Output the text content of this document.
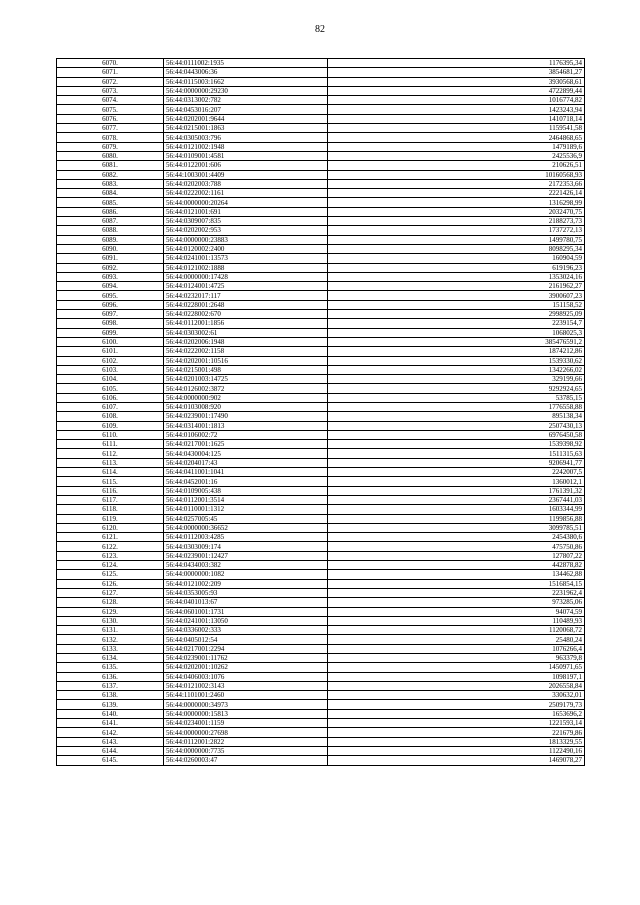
82
6070.	56:44:0111002:1935	1176395,34
6071.	56:44:0443006:36	3854681,27
6072.	56:44:0115003:1662	3930568,61
6073.	56:44:0000000:29230	4722899,44
6074.	56:44:0313002:782	1016774,82
6075.	56:44:0453016:207	1423243,94
6076.	56:44:0202001:9644	1410718,14
6077.	56:44:0215001:1863	1159541,58
6078.	56:44:0305003:796	2464868,65
6079.	56:44:0121002:1948	1479189,6
6080.	56:44:0109001:4581	2425536,9
6081.	56:44:0122001:606	210626,51
6082.	56:44:1003001:4409	10160568,93
6083.	56:44:0202003:788	2172353,66
6084.	56:44:0222002:1161	2221426,14
6085.	56:44:0000000:20264	1316298,99
6086.	56:44:0121001:691	2032470,75
6087.	56:44:0309007:835	2188273,73
6088.	56:44:0202002:953	1737272,13
6089.	56:44:0000000:23883	1499780,75
6090.	56:44:0120002:2400	8098295,34
6091.	56:44:0241001:13573	160904,59
6092.	56:44:0121002:1888	619196,23
6093.	56:44:0000000:17428	1353024,16
6094.	56:44:0124001:4725	2161962,27
6095.	56:44:0232017:117	3900607,23
6096.	56:44:0228001:2648	151158,52
6097.	56:44:0228002:670	2998925,09
6098.	56:44:0112001:1856	2239154,7
6099.	56:44:0303002:61	1068025,3
6100.	56:44:0202006:1948	385476591,2
6101.	56:44:0222002:1158	1874212,86
6102.	56:44:0202001:10516	1539330,62
6103.	56:44:0215001:498	1342266,02
6104.	56:44:0201003:14725	329199,66
6105.	56:44:0126002:3872	9292924,65
6106.	56:44:0000000:902	53785,15
6107.	56:44:0103008:920	1776558,88
6108.	56:44:0239001:17490	895138,34
6109.	56:44:0314001:1813	2507430,13
6110.	56:44:0106002:72	6976450,58
6111.	56:44:0217001:1625	1539398,92
6112.	56:44:0430004:125	1511315,63
6113.	56:44:0204017:43	9206941,77
6114.	56:44:0411001:1041	2242007,5
6115.	56:44:0452001:16	1360012,1
6116.	56:44:0109005:438	1761391,32
6117.	56:44:0112001:3514	2367441,03
6118.	56:44:0110001:1312	1603344,99
6119.	56:44:0257005:45	1199856,88
6120.	56:44:0000000:36652	3099785,51
6121.	56:44:0112003:4285	2454380,6
6122.	56:44:0303009:174	475750,86
6123.	56:44:0239001:12427	127807,22
6124.	56:44:0434003:382	442878,82
6125.	56:44:0000000:1082	134462,88
6126.	56:44:0121002:209	1516854,15
6127.	56:44:0353005:93	2231962,4
6128.	56:44:0401013:67	973285,06
6129.	56:44:0601001:1731	94074,59
6130.	56:44:0241001:13050	110489,93
6131.	56:44:0336002:333	1120068,72
6132.	56:44:0405012:54	25480,24
6133.	56:44:0217001:2294	1076266,4
6134.	56:44:0239001:11762	963379,8
6135.	56:44:0202001:10262	1450971,65
6136.	56:44:0406003:1076	1098197,1
6137.	56:44:0121002:3143	2026558,84
6138.	56:44:1101001:2460	330632,01
6139.	56:44:0000000:34973	2509179,73
6140.	56:44:0000000:15813	1653696,2
6141.	56:44:0234001:1159	1221593,14
6142.	56:44:0000000:27698	221679,86
6143.	56:44:0112001:2822	1813329,55
6144.	56:44:0000000:7735	1122490,16
6145.	56:44:0260003:47	1469078,27
